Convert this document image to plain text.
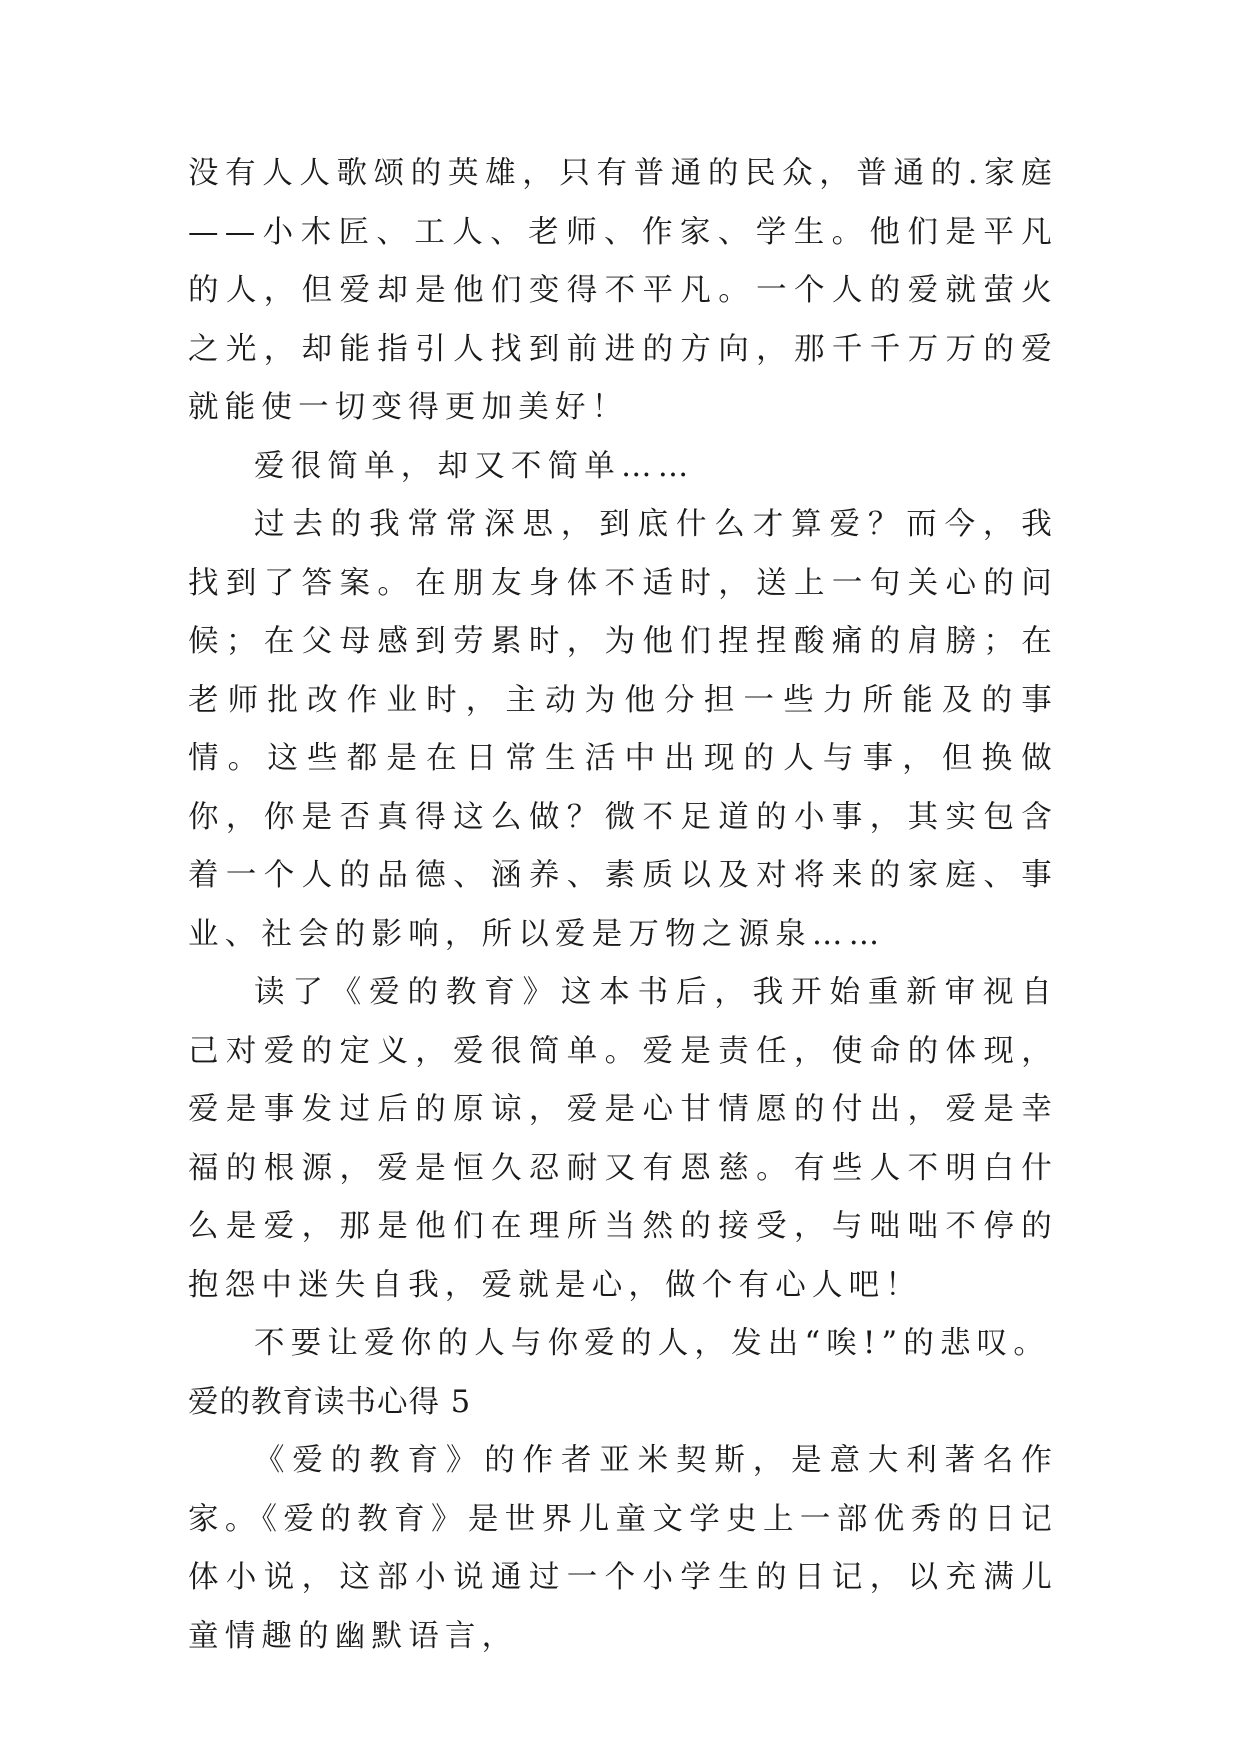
没有人人歌颂的英雄，只有普通的民众，普通的.家庭——小木匠、工人、老师、作家、学生。他们是平凡的人，但爱却是他们变得不平凡。一个人的爱就萤火之光，却能指引人找到前进的方向，那千千万万的爱就能使一切变得更加美好！

爱很简单，却又不简单……

过去的我常常深思，到底什么才算爱？而今，我找到了答案。在朋友身体不适时，送上一句关心的问候；在父母感到劳累时，为他们捏捏酸痛的肩膀；在老师批改作业时，主动为他分担一些力所能及的事情。这些都是在日常生活中出现的人与事，但换做你，你是否真得这么做？微不足道的小事，其实包含着一个人的品德、涵养、素质以及对将来的家庭、事业、社会的影响，所以爱是万物之源泉……

读了《爱的教育》这本书后，我开始重新审视自己对爱的定义，爱很简单。爱是责任，使命的体现，爱是事发过后的原谅，爱是心甘情愿的付出，爱是幸福的根源，爱是恒久忍耐又有恩慈。有些人不明白什么是爱，那是他们在理所当然的接受，与咄咄不停的抱怨中迷失自我，爱就是心，做个有心人吧！

不要让爱你的人与你爱的人，发出“唉!”的悲叹。

爱的教育读书心得 5

《爱的教育》的作者亚米契斯，是意大利著名作家。《爱的教育》是世界儿童文学史上一部优秀的日记体小说，这部小说通过一个小学生的日记，以充满儿童情趣的幽默语言，
